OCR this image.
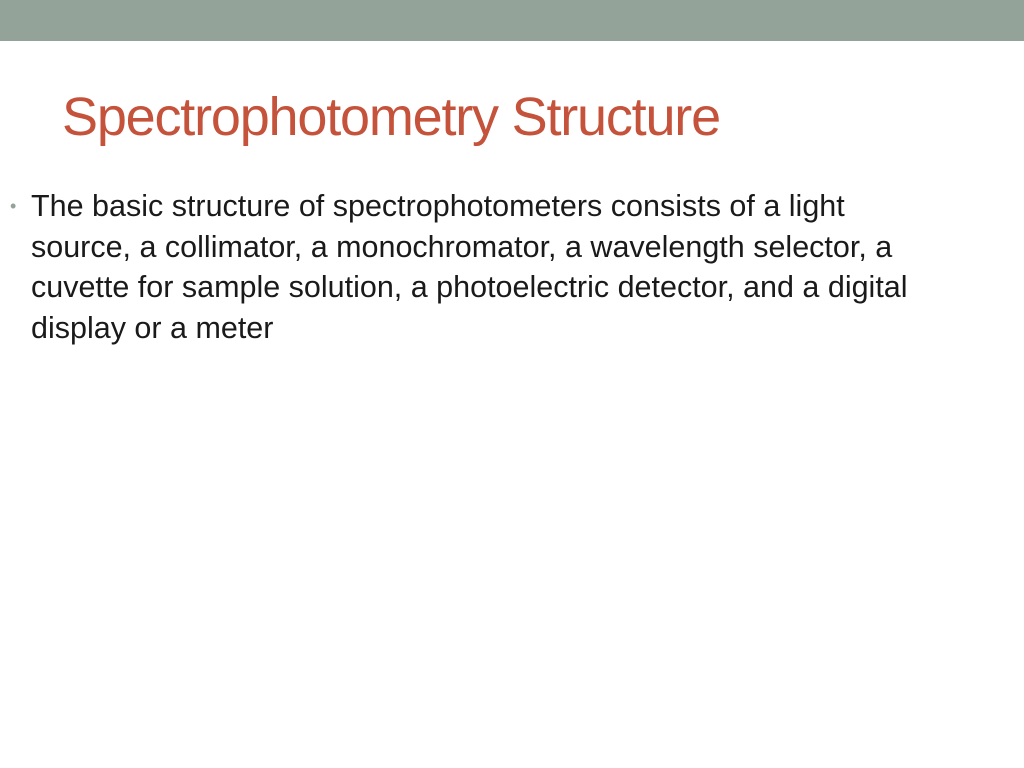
Spectrophotometry Structure
• The basic structure of spectrophotometers consists of a light source, a collimator, a monochromator, a wavelength selector, a cuvette for sample solution, a photoelectric detector, and a digital display or a meter
